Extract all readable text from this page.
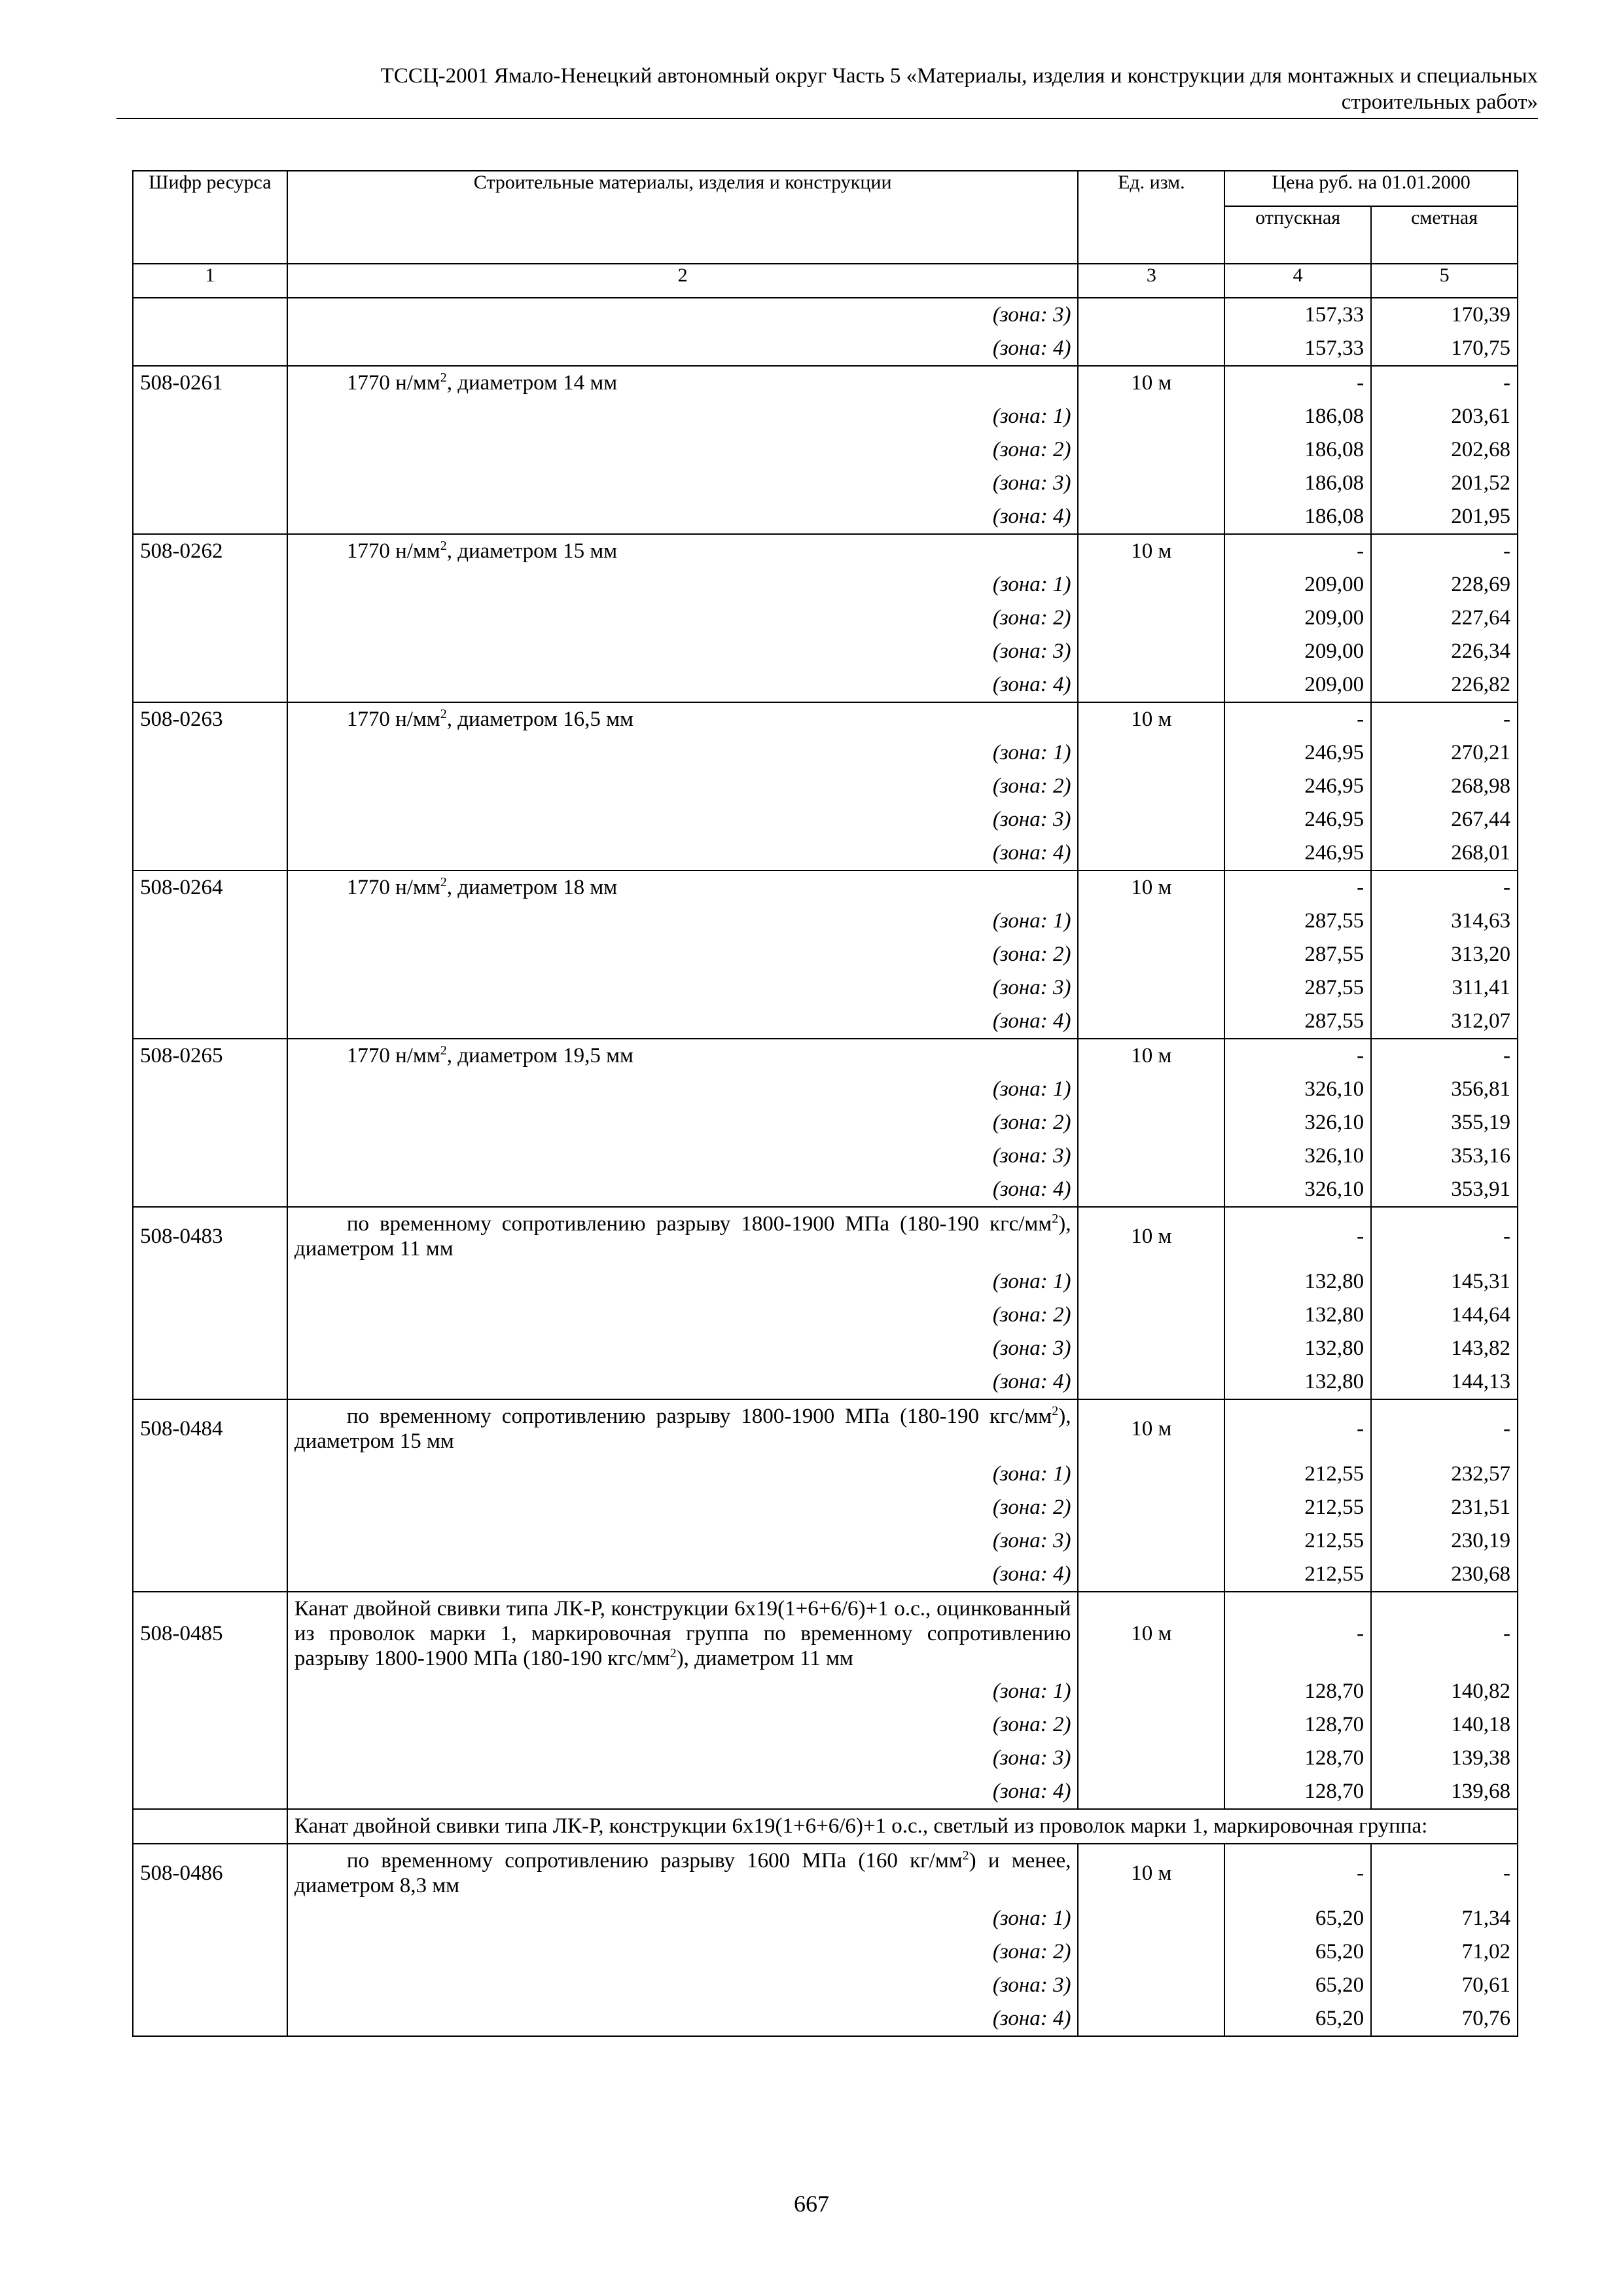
ТССЦ-2001 Ямало-Ненецкий автономный округ Часть 5 «Материалы, изделия и конструкции для монтажных и специальных
строительных работ»
Шифр ресурса	Строительные материалы, изделия и конструкции	Ед. изм.	Цена руб. на 01.01.2000	
			отпускная	сметная
1	2	3	4	5
	(зона: 3)		157,33	170,39
	(зона: 4)		157,33	170,75
508-0261	1770 $н/мм^2$, диаметром 14 мм	10 м	-	-
	(зона: 1)		186,08	203,61
	(зона: 2)		186,08	202,68
	(зона: 3)		186,08	201,52
	(зона: 4)		186,08	201,95
508-0262	1770 $н/мм^2$, диаметром 15 мм	10 м	-	-
	(зона: 1)		209,00	228,69
	(зона: 2)		209,00	227,64
	(зона: 3)		209,00	226,34
	(зона: 4)		209,00	226,82
508-0263	1770 $н/мм^2$, диаметром 16,5 мм	10 м	-	-
	(зона: 1)		246,95	270,21
	(зона: 2)		246,95	268,98
	(зона: 3)		246,95	267,44
	(зона: 4)		246,95	268,01
508-0264	1770 $н/мм^2$, диаметром 18 мм	10 м	-	-
	(зона: 1)		287,55	314,63
	(зона: 2)		287,55	313,20
	(зона: 3)		287,55	311,41
	(зона: 4)		287,55	312,07
508-0265	1770 $н/мм^2$, диаметром 19,5 мм	10 м	-	-
	(зона: 1)		326,10	356,81
	(зона: 2)		326,10	355,19
	(зона: 3)		326,10	353,16
	(зона: 4)		326,10	353,91
508-0483	по временному сопротивлению разрыву 1800-1900 МПа (180-190 кгс/$мм^2$), диаметром 11 мм	10 м	-	-
	(зона: 1)		132,80	145,31
	(зона: 2)		132,80	144,64
	(зона: 3)		132,80	143,82
	(зона: 4)		132,80	144,13
508-0484	по временному сопротивлению разрыву 1800-1900 МПа (180-190 кгс/$мм^2$), диаметром 15 мм	10 м	-	-
	(зона: 1)		212,55	232,57
	(зона: 2)		212,55	231,51
	(зона: 3)		212,55	230,19
	(зона: 4)		212,55	230,68
508-0485	Канат двойной свивки типа ЛК-Р, конструкции 6х19(1+6+6/6)+1 о.с., оцинкованный из проволок марки 1, маркировочная группа по временному сопротивлению разрыву 1800-1900 МПа (180-190 кгс/$мм^2$), диаметром 11 мм	10 м	-	-
	(зона: 1)		128,70	140,82
	(зона: 2)		128,70	140,18
	(зона: 3)		128,70	139,38
	(зона: 4)		128,70	139,68
	Канат двойной свивки типа ЛК-Р, конструкции 6х19(1+6+6/6)+1 о.с., светлый из проволок марки 1, маркировочная группа:			
508-0486	по временному сопротивлению разрыву 1600 МПа (160 $кг/мм^2$) и менее, диаметром 8,3 мм	10 м	-	-
	(зона: 1)		65,20	71,34
	(зона: 2)		65,20	71,02
	(зона: 3)		65,20	70,61
	(зона: 4)		65,20	70,76
667
